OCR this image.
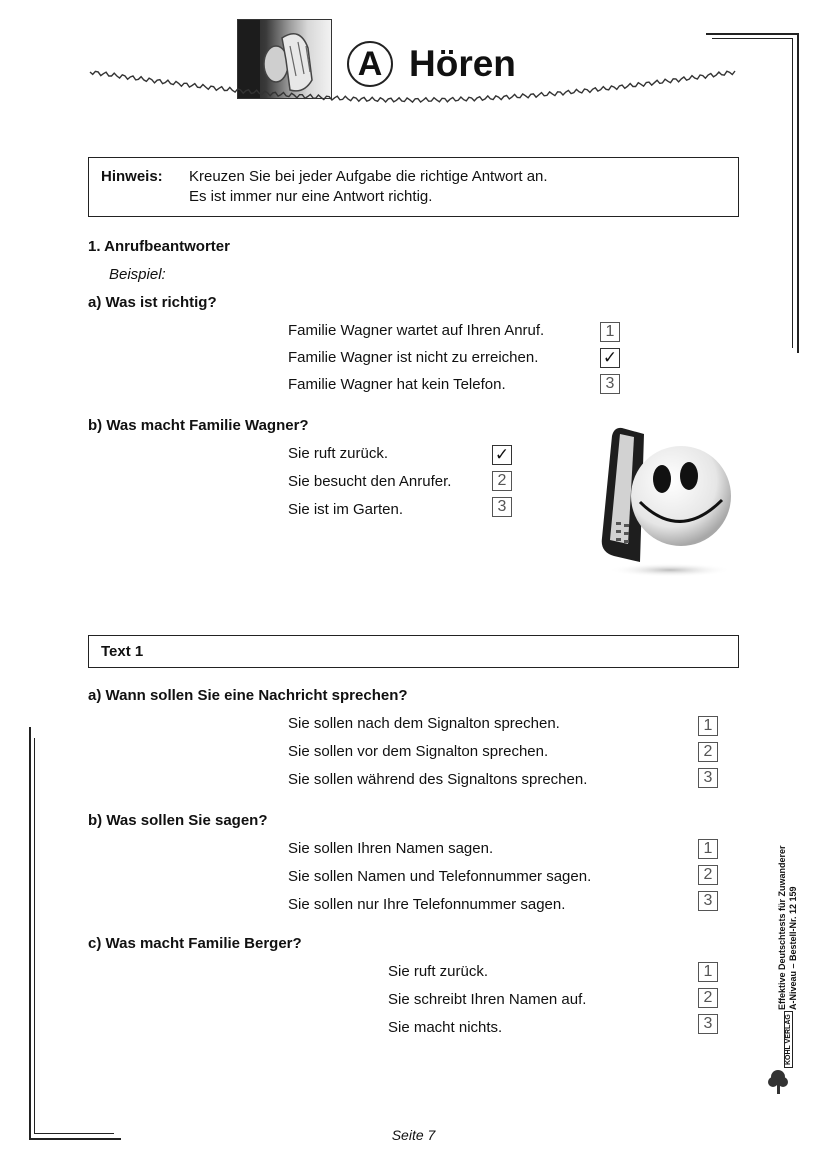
A Hören
Hinweis: Kreuzen Sie bei jeder Aufgabe die richtige Antwort an.
Es ist immer nur eine Antwort richtig.
1. Anrufbeantworter
Beispiel:
a) Was ist richtig?
Familie Wagner wartet auf Ihren Anruf.
Familie Wagner ist nicht zu erreichen.
Familie Wagner hat kein Telefon.
1
✓
3
b) Was macht Familie Wagner?
Sie ruft zurück.
Sie besucht den Anrufer.
Sie ist im Garten.
✓
2
3
Text 1
a) Wann sollen Sie eine Nachricht sprechen?
Sie sollen nach dem Signalton sprechen.
Sie sollen vor dem Signalton sprechen.
Sie sollen während des Signaltons sprechen.
1
2
3
b) Was sollen Sie sagen?
Sie sollen Ihren Namen sagen.
Sie sollen Namen und Telefonnummer sagen.
Sie sollen nur Ihre Telefonnummer sagen.
1
2
3
c) Was macht Familie Berger?
Sie ruft zurück.
Sie schreibt Ihren Namen auf.
Sie macht nichts.
1
2
3
Effektive Deutschtests für Zuwanderer A-Niveau – Bestell-Nr. 12 159
KOHL VERLAG
Seite 7
